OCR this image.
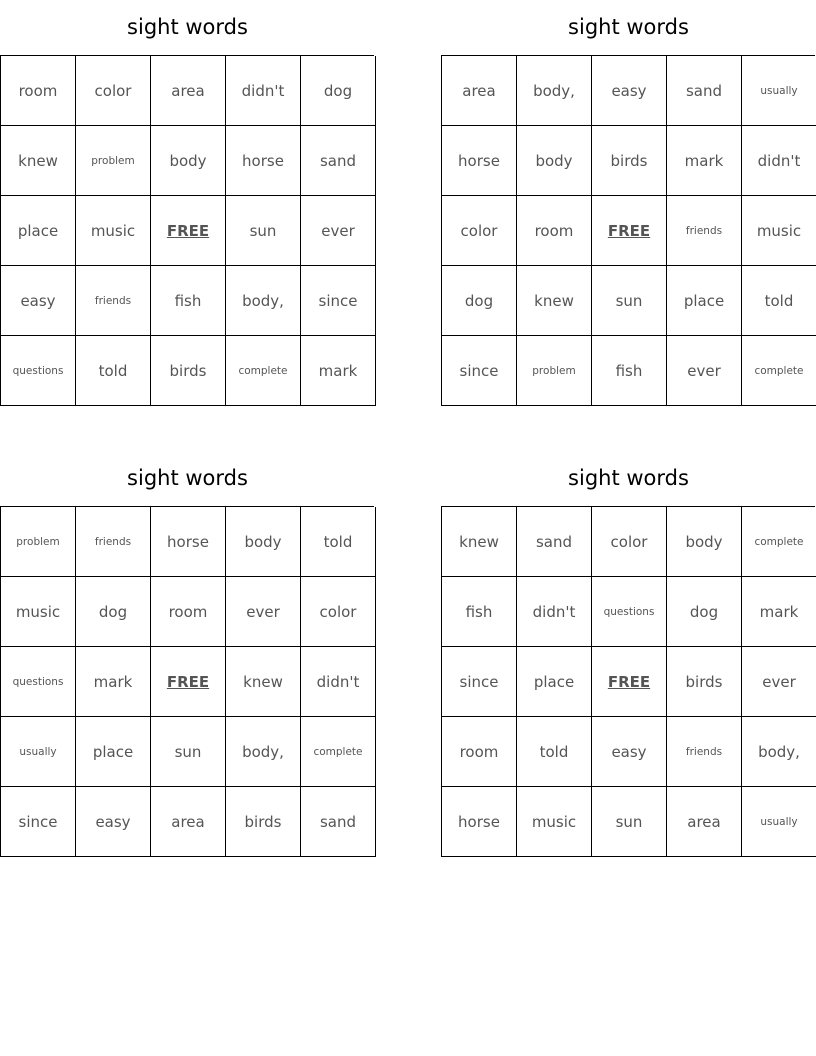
sight words
room	color	area	didn't	dog
knew	problem	body	horse	sand
place	music	FREE	sun	ever
easy	friends	fish	body,	since
questions	told	birds	complete	mark
sight words
area	body,	easy	sand	usually
horse	body	birds	mark	didn't
color	room	FREE	friends	music
dog	knew	sun	place	told
since	problem	fish	ever	complete
sight words
problem	friends	horse	body	told
music	dog	room	ever	color
questions	mark	FREE	knew	didn't
usually	place	sun	body,	complete
since	easy	area	birds	sand
sight words
knew	sand	color	body	complete
fish	didn't	questions	dog	mark
since	place	FREE	birds	ever
room	told	easy	friends	body,
horse	music	sun	area	usually
